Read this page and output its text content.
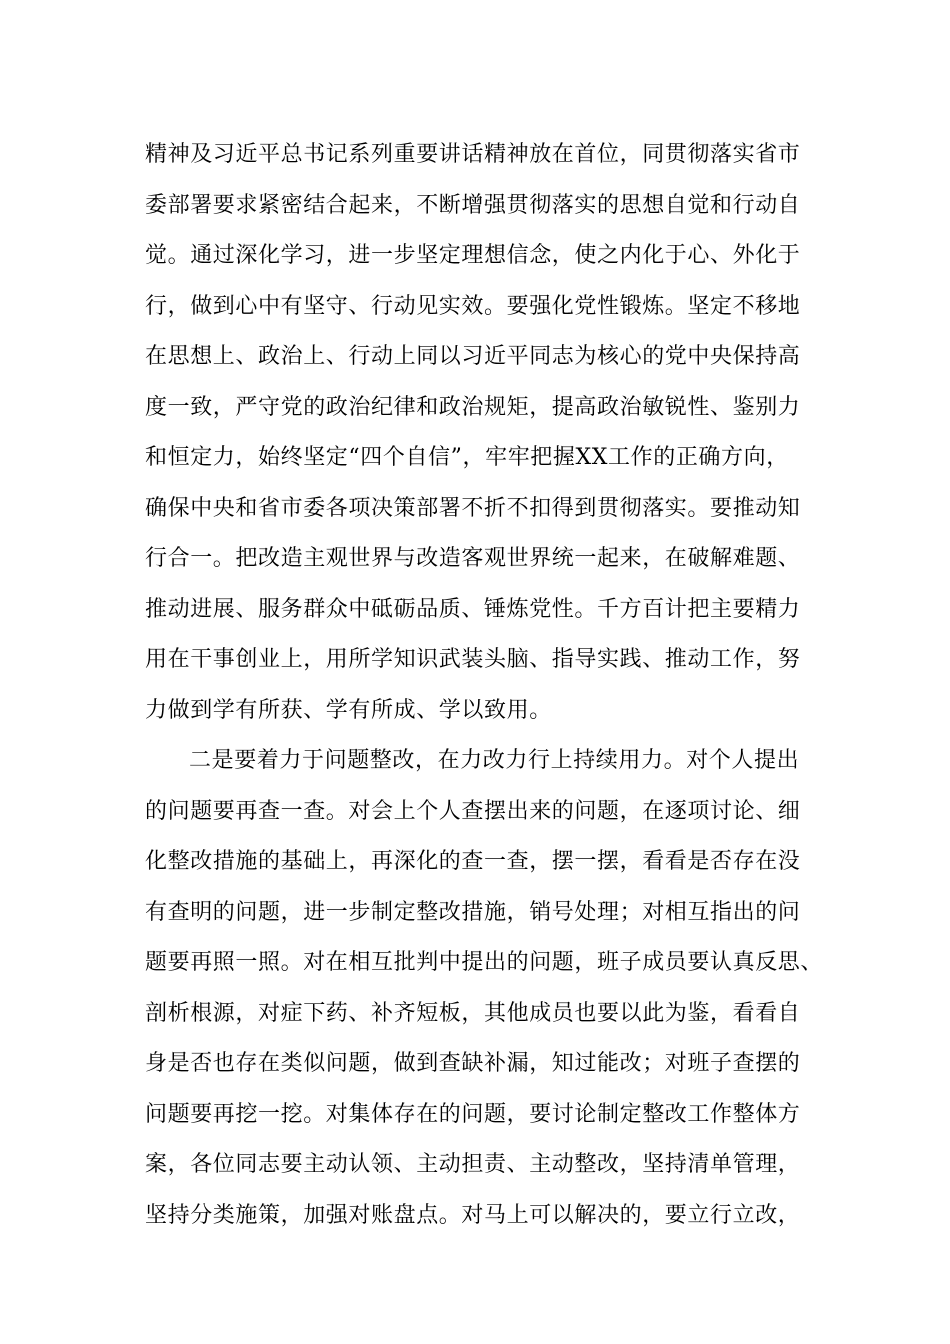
精神及习近平总书记系列重要讲话精神放在首位，同贯彻落实省市
委部署要求紧密结合起来，不断增强贯彻落实的思想自觉和行动自
觉。通过深化学习，进一步坚定理想信念，使之内化于心、外化于
行，做到心中有坚守、行动见实效。要强化党性锻炼。坚定不移地
在思想上、政治上、行动上同以习近平同志为核心的党中央保持高
度一致，严守党的政治纪律和政治规矩，提高政治敏锐性、鉴别力
和恒定力，始终坚定“四个自信”，牢牢把握XX工作的正确方向，
确保中央和省市委各项决策部署不折不扣得到贯彻落实。要推动知
行合一。把改造主观世界与改造客观世界统一起来，在破解难题、
推动进展、服务群众中砥砺品质、锤炼党性。千方百计把主要精力
用在干事创业上，用所学知识武装头脑、指导实践、推动工作，努
力做到学有所获、学有所成、学以致用。
二是要着力于问题整改，在力改力行上持续用力。对个人提出
的问题要再查一查。对会上个人查摆出来的问题，在逐项讨论、细
化整改措施的基础上，再深化的查一查，摆一摆，看看是否存在没
有查明的问题，进一步制定整改措施，销号处理；对相互指出的问
题要再照一照。对在相互批判中提出的问题，班子成员要认真反思、
剖析根源，对症下药、补齐短板，其他成员也要以此为鉴，看看自
身是否也存在类似问题，做到查缺补漏，知过能改；对班子查摆的
问题要再挖一挖。对集体存在的问题，要讨论制定整改工作整体方
案，各位同志要主动认领、主动担责、主动整改，坚持清单管理，
坚持分类施策，加强对账盘点。对马上可以解决的，要立行立改，
